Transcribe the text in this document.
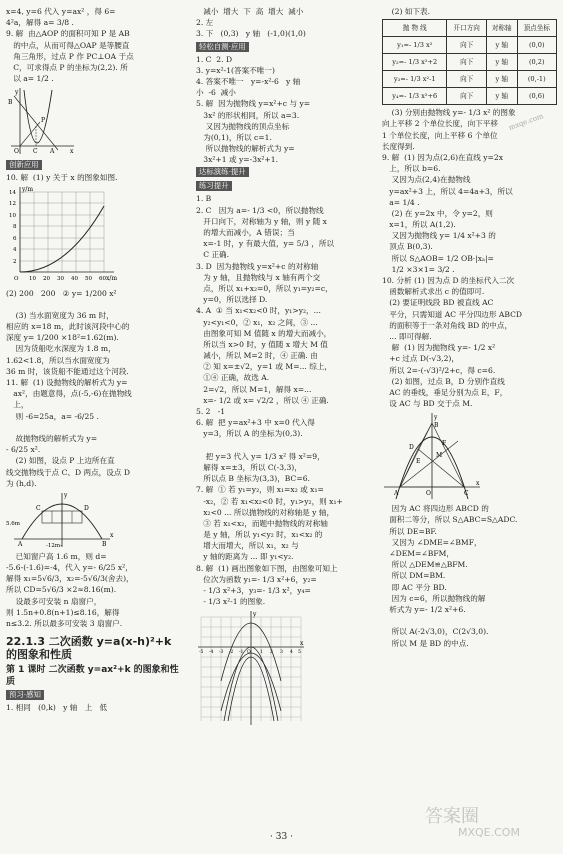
x=4, y=6 代入 y=ax² ，得 6=
4²a，解得 a= 3/8 .
9. 解  由△AOP 的面积可知 P 是 AB
的中点，从而可得△OAP 是等腰直
角三角形，过点 P 作 PC⊥OA 于点
C，可求得点 P 的坐标为(2,2). 所
以 a= 1/2 .
y
B
P
O C A	x
创新应用
10. 解  (1) y 关于 x 的图象如图.
y/m
x/m
14
12
10
8
6
4
2
O 10 20 30 40 50 60
(2) 200   200   ② y= 1/200 x²
(3) 当水面宽度为 36 m 时，
相应的 x=18 m，此时该河段中心的
深度 y= 1/200 ×18²=1.62(m).
因为货船吃水深度为 1.8 m，
1.62<1.8，所以当水面宽度为
36 m 时，该货船不能通过这个河段.
11. 解  (1) 设抛物线的解析式为 y=
ax²，由题意得，点(-5,-6)在抛物线
上，
则 -6=25a，a= -6/25 .
故抛物线的解析式为 y=
- 6/25 x².
(2) 如图，设点 P 上边所在直
线交抛物线于点 C、D 两点，设点 D
为 (h,d).
y
x
C	D
A	B
5.6m
-12m-
已知窗户高 1.6 m，则 d=
-5.6-(-1.6)=-4，代入 y=- 6/25 x²，
解得 x₁=5√6/3，x₂=-5√6/3(舍去)，
所以 CD=5√6/3 ×2≈8.16(m).
设最多可安装 n 扇窗户，
则 1.5n+0.8(n+1)≤8.16，解得
n≤3.2. 所以最多可安装 3 扇窗户.
22.1.3 二次函数 y=a(x-h)²+k 的图象和性质
第 1 课时 二次函数 y=ax²+k 的图象和性质
预习·感知
1. 相同   (0,k)   y 轴   上   低
减小  增大  下  高  增大  减小
2. 左
3. 下   (0,3)   y 轴   (-1,0)(1,0)
轻松自测·应用
1. C  2. D
3. y=x²-1(答案不唯一)
4. 答案不唯一   y=-x²-6   y 轴
小  -6  减小
5. 解  因为抛物线 y=x²+c 与 y=
3x² 的形状相同，所以 a=3.
又因为抛物线的顶点坐标
为(0,1)，所以 c=1.
所以抛物线的解析式为 y=
3x²+1 或 y=-3x²+1.
达标演练·提升
练习提升
1. B
2. C   因为 a=- 1/3 <0，所以抛物线
开口向下，对称轴为 y 轴，则 y 随 x
的增大而减小，A 错误；当
x=-1 时，y 有最大值，y= 5/3 ，所以
C 正确.
3. D  因为抛物线 y=x²+c 的对称轴
为 y 轴，且抛物线与 x 轴有两个交
点，所以 x₁+x₂=0，所以 y₁=y₂=c，
y=0，所以选择 D.
4. A  ① 当 x₁<x₂<0 时，y₁>y₂，...
y₂<y₁<0，② x₁，x₂ 之间，③ ...
由图象可知 M 值随 x 的增大而减小，
所以当 x>0 时，y 值随 x 增大 M 值
减小，所以 M=2 时，④ 正确. 由
② 知 x=±√2，y=1 或 M=... 综上，
①④ 正确，故选 A.
2=√2，所以 M=1，解得 x=...
x=- 1/2 或 x= √2/2 ，所以 ④ 正确.
5. 2   -1
6. 解  把 y=ax²+3 中 x=0 代入得
y=3，所以 A 的坐标为(0,3).
把 y=3 代入 y= 1/3 x² 得 x²=9，
解得 x=±3，所以 C(-3,3)，
所以点 B 坐标为(3,3)，BC=6.
7. 解  ① 若 y₁=y₂，则 x₁=x₂ 或 x₁=
-x₂，② 若 x₁<x₂<0 时，y₁>y₂，则 x₁+
x₂<0 ... 所以抛物线的对称轴是 y 轴，
③ 若 x₁<x₂，而题中抛物线的对称轴
是 y 轴，所以 y₁<y₂ 时，x₁<x₂ 的
增大而增大，所以 x₁，x₂ 与
y 轴的距离为 ... 即 y₁<y₂.
8. 解  (1) 画出图象如下图，由图象可知上
位次为函数 y₁=- 1/3 x²+6，y₂=
- 1/3 x²+3，y₃=- 1/3 x²，y₄=
- 1/3 x²-1 的图象.
y
x
-5 -4 -3 -2 -1 O 1 2 3 4 5
(2) 如下表.
抛 物 线	开口方向	对称轴	顶点坐标
y₁=- 1/3 x²	向下	y 轴	(0,0)
y₂=- 1/3 x²+2	向下	y 轴	(0,2)
y₃=- 1/3 x²-1	向下	y 轴	(0,-1)
y₄=- 1/3 x²+6	向下	y 轴	(0,6)
(3) 分别由抛物线 y=- 1/3 x² 的图象
向上平移 2 个单位长度，向下平移
1 个单位长度，向上平移 6 个单位
长度得到.
9. 解  (1) 因为点(2,6)在直线 y=2x
上，所以 b=6.
又因为点(2,4)在抛物线
y=ax²+3 上，所以 4=4a+3，所以
a= 1/4 .
(2) 在 y=2x 中，令 y=2，则
x=1，所以 A(1,2).
又因为抛物线 y= 1/4 x²+3 的
顶点 B(0,3).
所以 S△AOB= 1/2 OB·|xₐ|=
1/2 ×3×1= 3/2 .
10. 分析 (1) 因为点 D 的坐标代入二次
函数解析式求出 c 的值即可.
(2) 要证明线段 BD 被直线 AC
平分，只需知道 AC 平分四边形 ABCD
的面积等于一条对角线 BD 的中点，
... 即可得解.
解  (1) 因为抛物线 y=- 1/2 x²
+c 过点 D(-√3,2)，
所以 2=-(-√3)²/2+c，得 c=6.
(2) 如图，过点 B，D 分别作直线
AC 的垂线，垂足分别为点 E，F，
设 AC 与 BD 交于点 M.
y
B
D
E
F
M
A	C
O
x
因为 AC 将四边形 ABCD 的
面积二等分，所以 S△ABC=S△ADC.
所以 DE=BF.
又因为 ∠DME=∠BMF，
∠DEM=∠BFM，
所以 △DEM≌△BFM.
所以 DM=BM.
即 AC 平分 BD.
因为 c=6，所以抛物线的解
析式为 y=- 1/2 x²+6.
所以 A(-2√3,0)，C(2√3,0).
所以 M 是 BD 的中点.
· 33 ·
答案圈
MXQE.COM
mxqe.com
